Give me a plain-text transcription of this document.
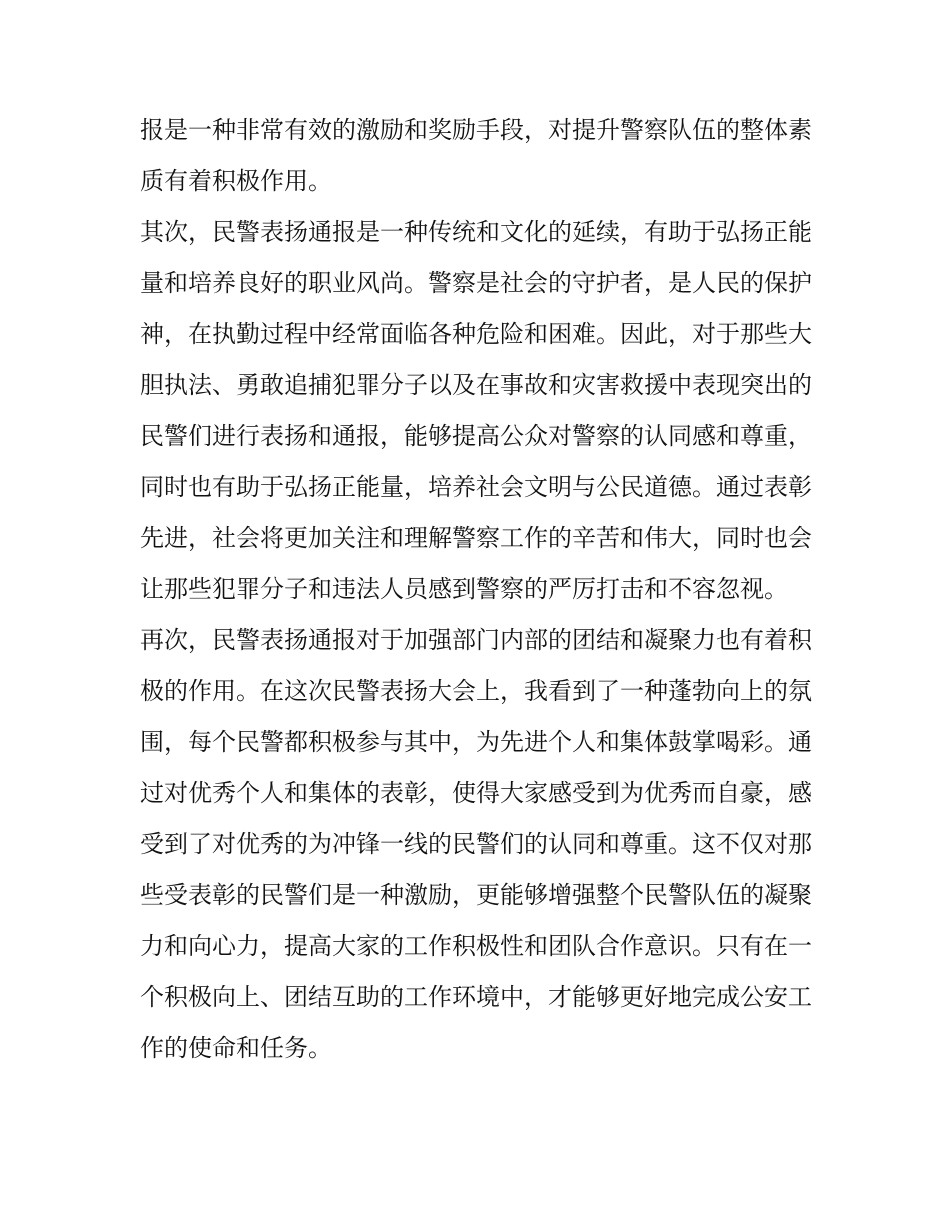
报是一种非常有效的激励和奖励手段，对提升警察队伍的整体素质有着积极作用。

其次，民警表扬通报是一种传统和文化的延续，有助于弘扬正能量和培养良好的职业风尚。警察是社会的守护者，是人民的保护神，在执勤过程中经常面临各种危险和困难。因此，对于那些大胆执法、勇敢追捕犯罪分子以及在事故和灾害救援中表现突出的民警们进行表扬和通报，能够提高公众对警察的认同感和尊重，同时也有助于弘扬正能量，培养社会文明与公民道德。通过表彰先进，社会将更加关注和理解警察工作的辛苦和伟大，同时也会让那些犯罪分子和违法人员感到警察的严厉打击和不容忽视。

再次，民警表扬通报对于加强部门内部的团结和凝聚力也有着积极的作用。在这次民警表扬大会上，我看到了一种蓬勃向上的氛围，每个民警都积极参与其中，为先进个人和集体鼓掌喝彩。通过对优秀个人和集体的表彰，使得大家感受到为优秀而自豪，感受到了对优秀的为冲锋一线的民警们的认同和尊重。这不仅对那些受表彰的民警们是一种激励，更能够增强整个民警队伍的凝聚力和向心力，提高大家的工作积极性和团队合作意识。只有在一个积极向上、团结互助的工作环境中，才能够更好地完成公安工作的使命和任务。
